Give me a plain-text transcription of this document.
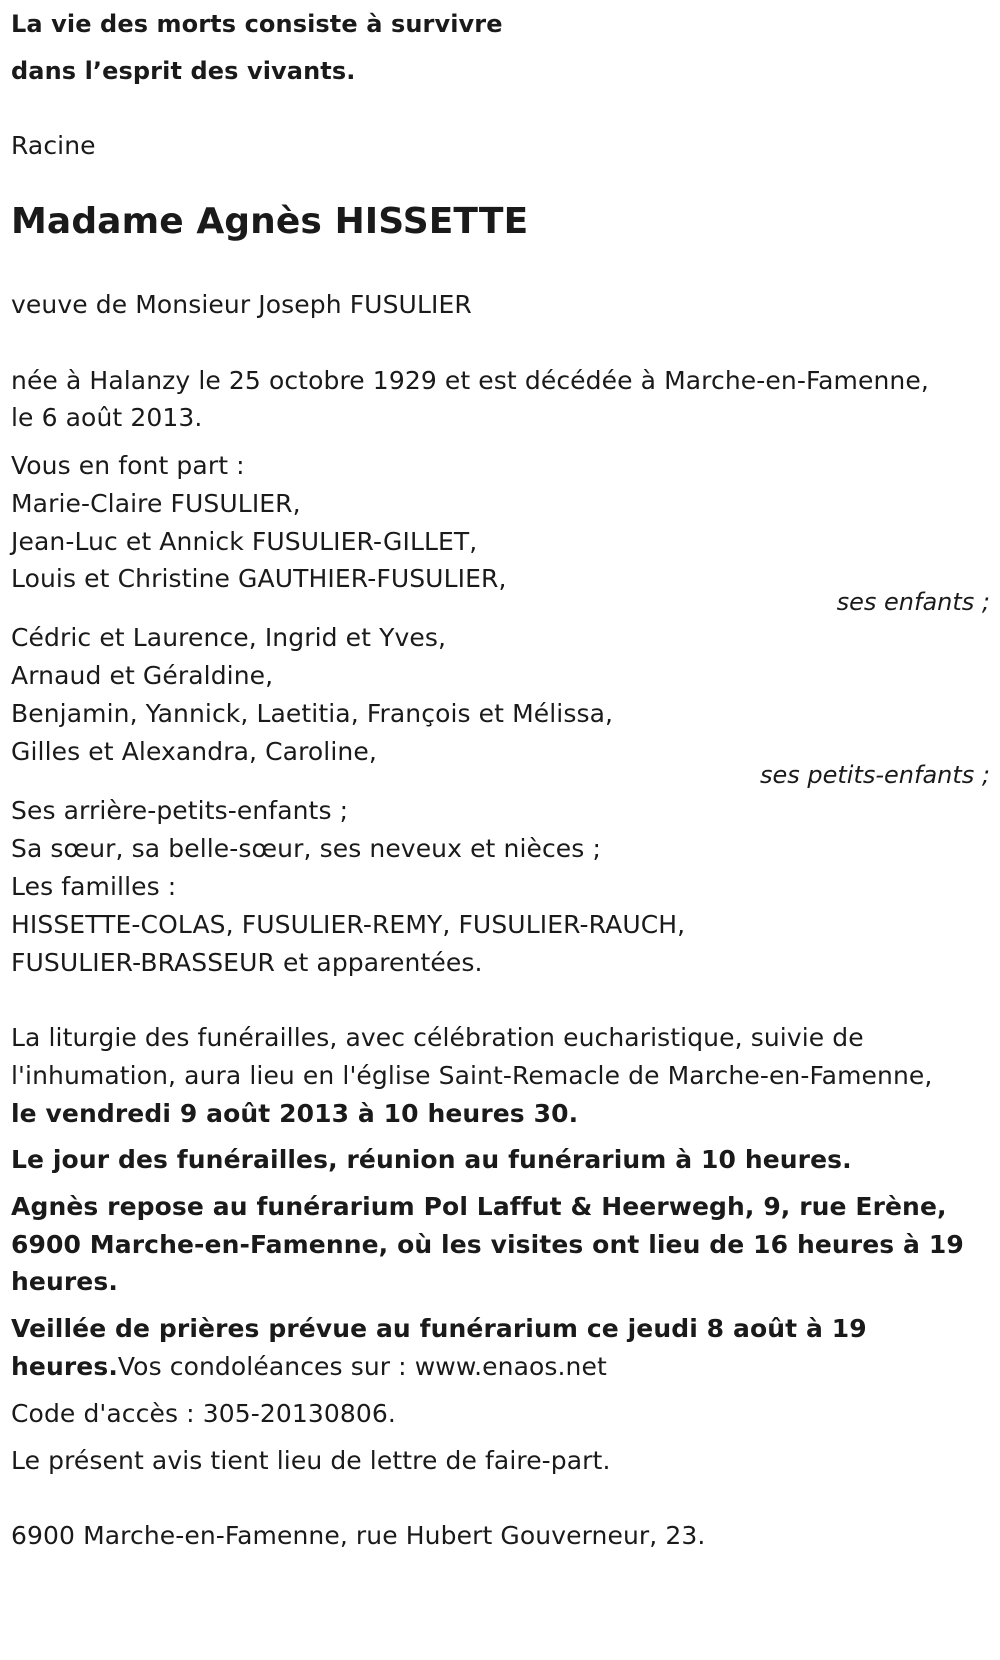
La vie des morts consiste à survivre

dans l’esprit des vivants.

Racine

Madame Agnès HISSETTE

veuve de Monsieur Joseph FUSULIER

née à Halanzy le 25 octobre 1929 et est décédée à Marche-en-Famenne,

le 6 août 2013.

Vous en font part :

Marie-Claire FUSULIER,

Jean-Luc et Annick FUSULIER-GILLET,

Louis et Christine GAUTHIER-FUSULIER,

ses enfants ;

Cédric et Laurence, Ingrid et Yves,

Arnaud et Géraldine,

Benjamin, Yannick, Laetitia, François et Mélissa,

Gilles et Alexandra, Caroline,

ses petits-enfants ;

Ses arrière-petits-enfants ;

Sa sœur, sa belle-sœur, ses neveux et nièces ;

Les familles :

HISSETTE-COLAS, FUSULIER-REMY, FUSULIER-RAUCH,

FUSULIER-BRASSEUR et apparentées.

La liturgie des funérailles, avec célébration eucharistique, suivie de

l'inhumation, aura lieu en l'église Saint-Remacle de Marche-en-Famenne,

le vendredi 9 août 2013 à 10 heures 30.

Le jour des funérailles, réunion au funérarium à 10 heures.

Agnès repose au funérarium Pol Laffut & Heerwegh, 9, rue Erène,

6900 Marche-en-Famenne, où les visites ont lieu de 16 heures à 19

heures.

Veillée de prières prévue au funérarium ce jeudi 8 août à 19

heures.Vos condoléances sur : www.enaos.net

Code d'accès : 305-20130806.

Le présent avis tient lieu de lettre de faire-part.

6900 Marche-en-Famenne, rue Hubert Gouverneur, 23.
